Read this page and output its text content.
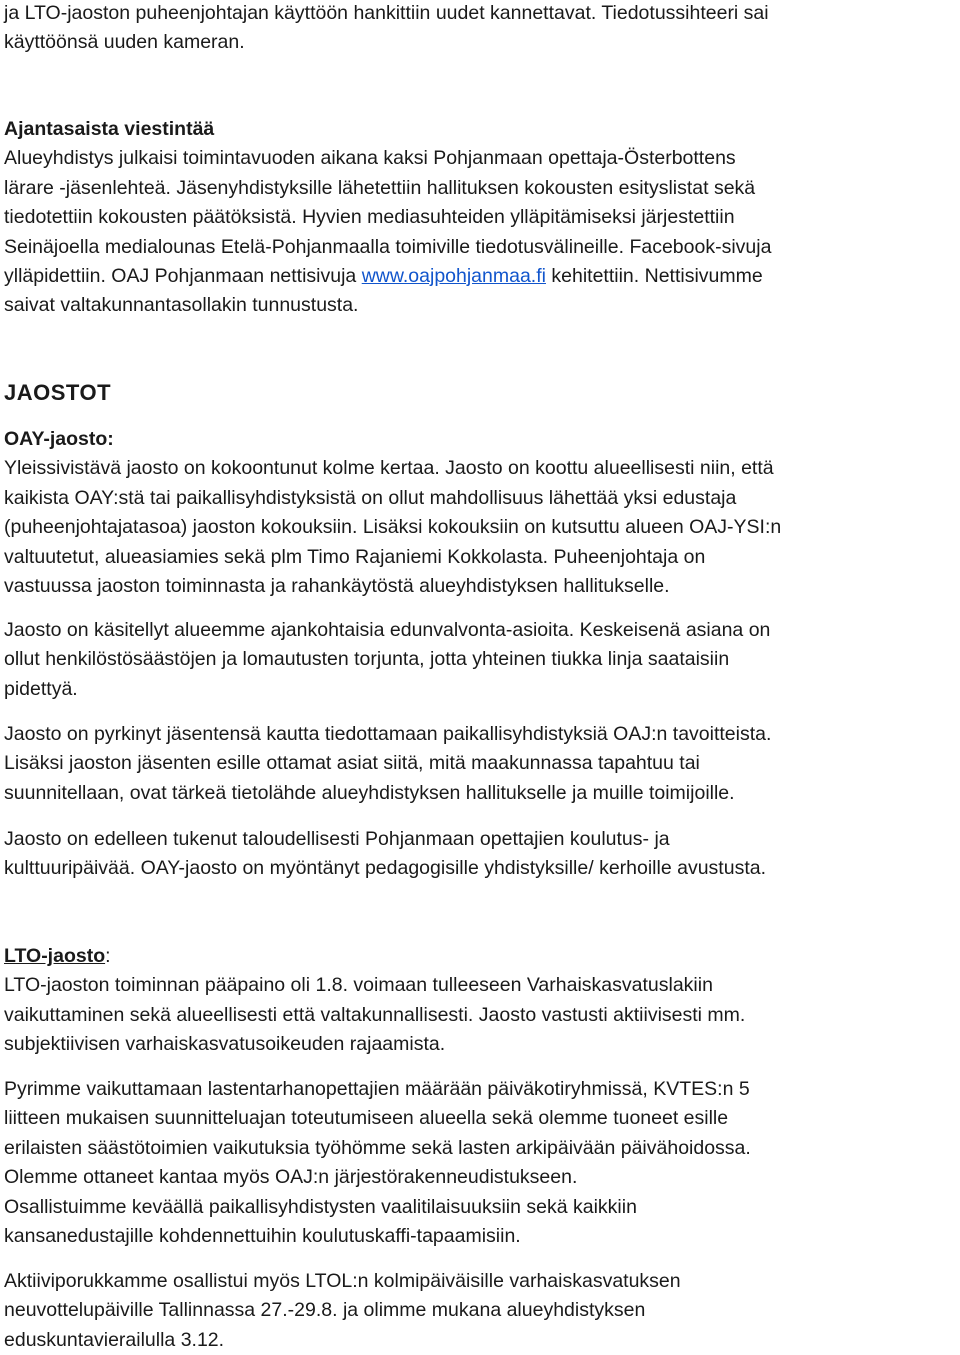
ja LTO-jaoston puheenjohtajan käyttöön hankittiin uudet kannettavat. Tiedotussihteeri sai
käyttöönsä uuden kameran.

Ajantasaista viestintää

Alueyhdistys julkaisi toimintavuoden aikana kaksi Pohjanmaan opettaja-Österbottens
lärare -jäsenlehteä. Jäsenyhdistyksille lähetettiin hallituksen kokousten esityslistat sekä
tiedotettiin kokousten päätöksistä. Hyvien mediasuhteiden ylläpitämiseksi järjestettiin
Seinäjoella medialounas Etelä-Pohjanmaalla toimiville tiedotusvälineille. Facebook-sivuja
ylläpidettiin. OAJ Pohjanmaan nettisivuja www.oajpohjanmaa.fi kehitettiin. Nettisivumme
saivat valtakunnantasollakin tunnustusta.

JAOSTOT

OAY-jaosto:

Yleissivistävä jaosto on kokoontunut kolme kertaa. Jaosto on koottu alueellisesti niin, että
kaikista OAY:stä tai paikallisyhdistyksistä on ollut mahdollisuus lähettää yksi edustaja
(puheenjohtajatasoa) jaoston kokouksiin. Lisäksi kokouksiin on kutsuttu alueen OAJ-YSI:n
valtuutetut, alueasiamies sekä plm Timo Rajaniemi Kokkolasta. Puheenjohtaja on
vastuussa jaoston toiminnasta ja rahankäytöstä alueyhdistyksen hallitukselle.

Jaosto on käsitellyt alueemme ajankohtaisia edunvalvonta-asioita. Keskeisenä asiana on
ollut henkilöstösäästöjen ja lomautusten torjunta, jotta yhteinen tiukka linja saataisiin
pidettyä.

Jaosto on pyrkinyt jäsentensä kautta tiedottamaan paikallisyhdistyksiä OAJ:n tavoitteista.
Lisäksi jaoston jäsenten esille ottamat asiat siitä, mitä maakunnassa tapahtuu tai
suunnitellaan, ovat tärkeä tietolähde alueyhdistyksen hallitukselle ja muille toimijoille.

Jaosto on edelleen tukenut taloudellisesti Pohjanmaan opettajien koulutus- ja
kulttuuripäivää. OAY-jaosto on myöntänyt pedagogisille yhdistyksille/ kerhoille avustusta.

LTO-jaosto:

LTO-jaoston toiminnan pääpaino oli 1.8. voimaan tulleeseen Varhaiskasvatuslakiin
vaikuttaminen sekä alueellisesti että valtakunnallisesti. Jaosto vastusti aktiivisesti mm.
subjektiivisen varhaiskasvatusoikeuden rajaamista.

Pyrimme vaikuttamaan lastentarhanopettajien määrään päiväkotiryhmissä, KVTES:n 5
liitteen mukaisen suunnitteluajan toteutumiseen alueella sekä olemme tuoneet esille
erilaisten säästötoimien vaikutuksia työhömme sekä lasten arkipäivään päivähoidossa.
Olemme ottaneet kantaa myös OAJ:n järjestörakenneudistukseen.
Osallistuimme keväällä paikallisyhdistysten vaalitilaisuuksiin sekä kaikkiin
kansanedustajille kohdennettuihin koulutuskaffi-tapaamisiin.

Aktiiviporukkamme osallistui myös LTOL:n kolmipäiväisille varhaiskasvatuksen
neuvottelupäiville Tallinnassa 27.-29.8. ja olimme mukana alueyhdistyksen
eduskuntavierailulla 3.12.
